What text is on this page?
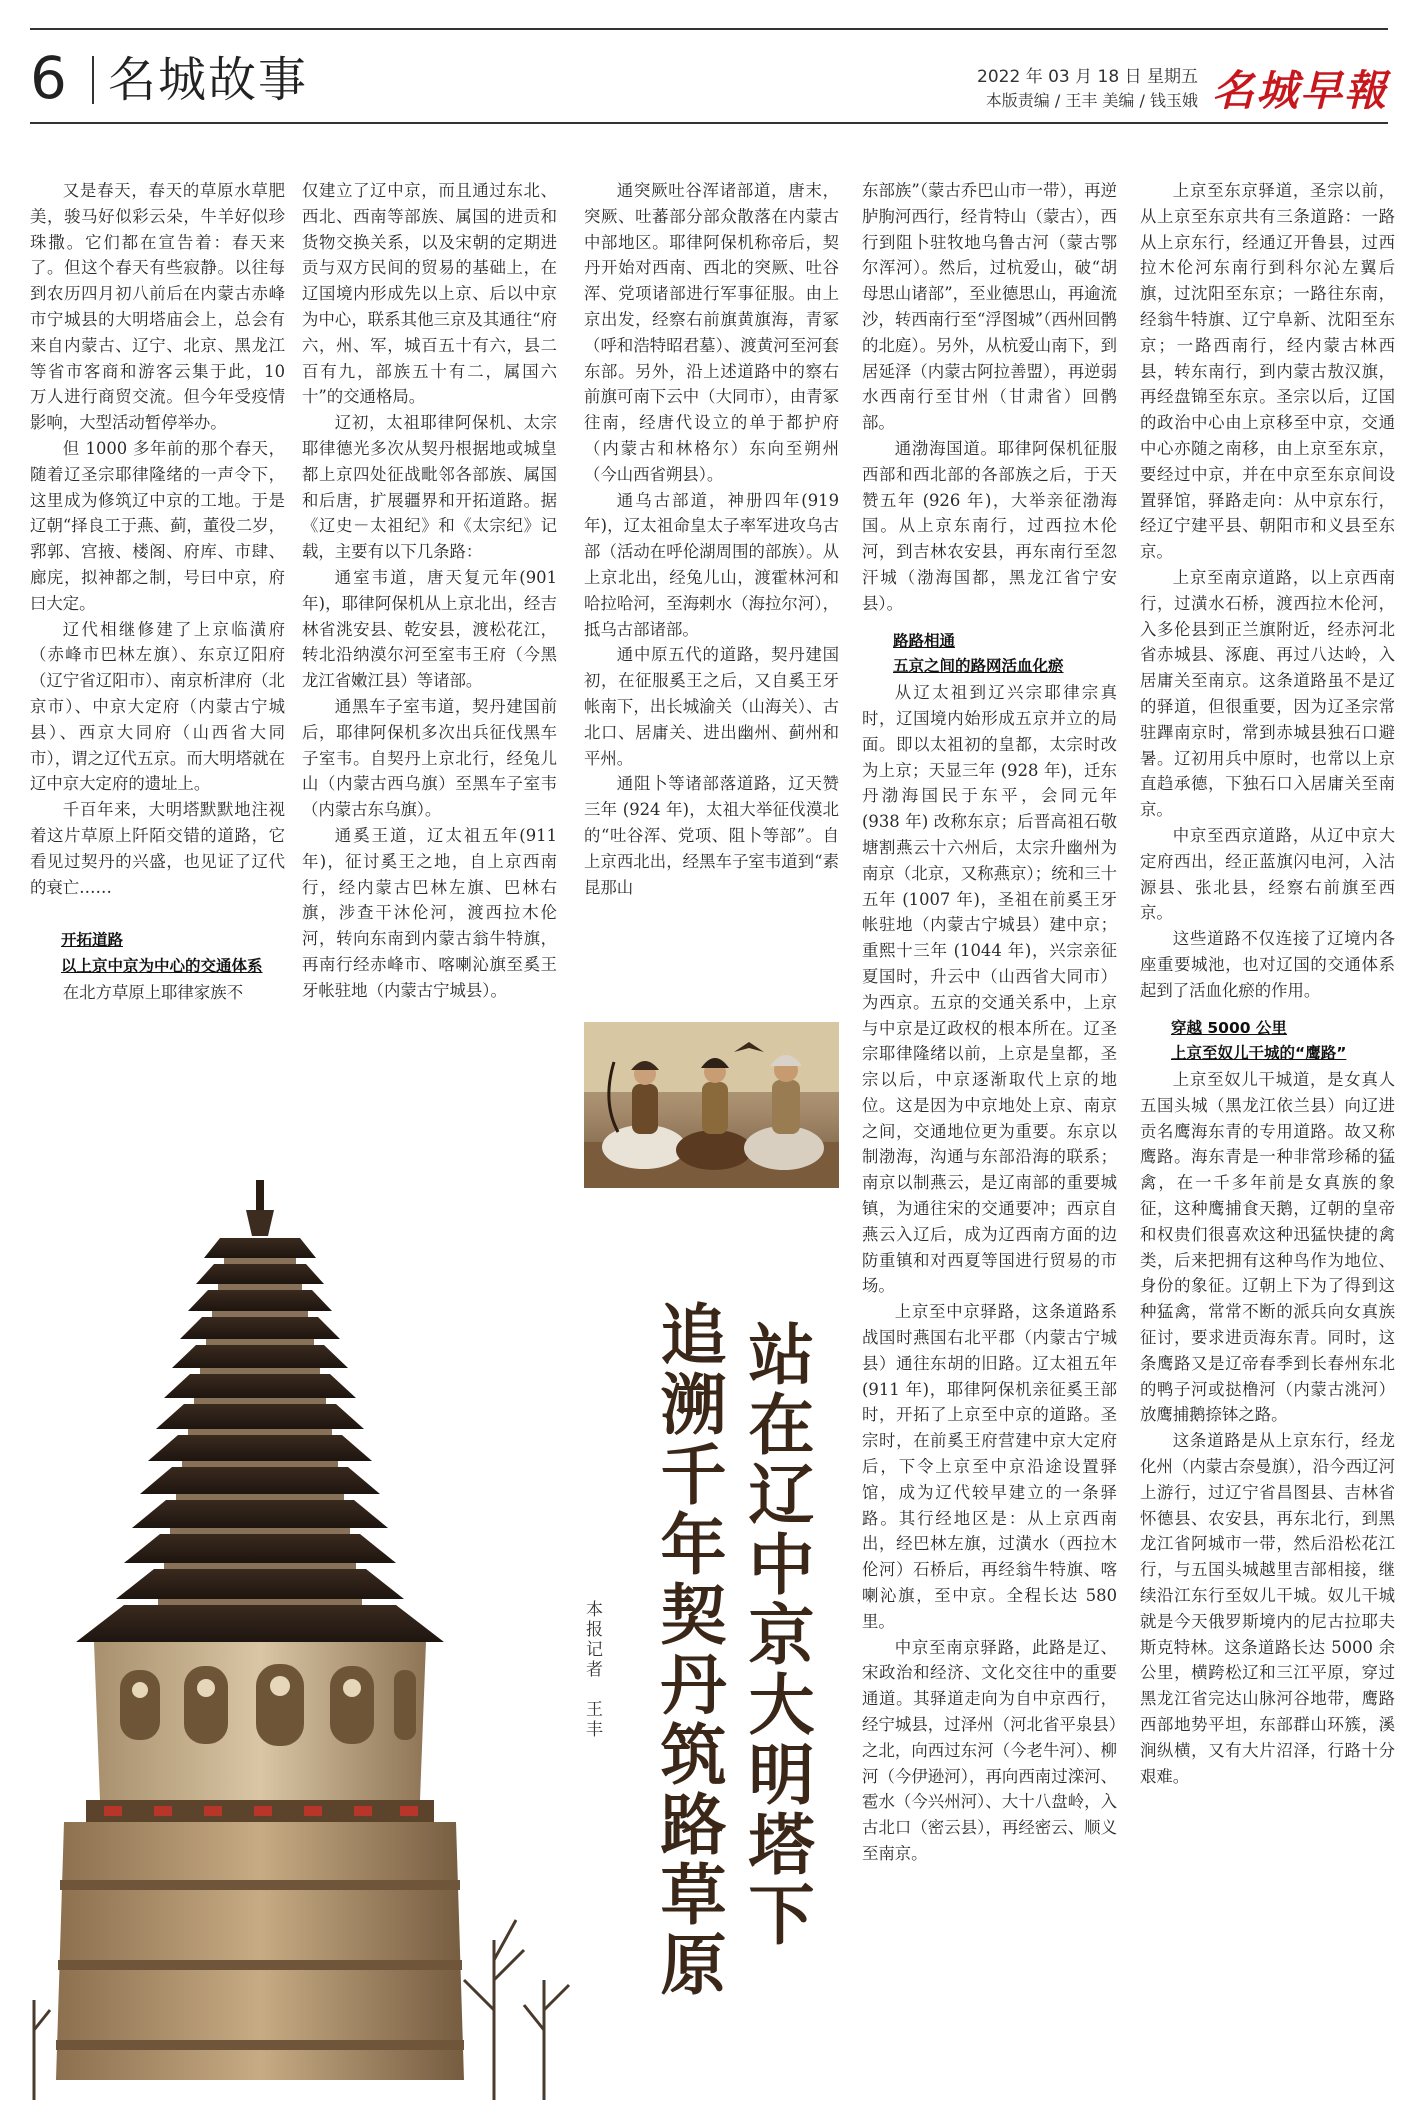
6 名城故事	2022 年 03 月 18 日 星期五
本版责编 / 王丰 美编 / 钱玉娥 名城早報

又是春天，春天的草原水草肥美，骏马好似彩云朵，牛羊好似珍珠撒。它们都在宣告着：春天来了。但这个春天有些寂静。以往每到农历四月初八前后在内蒙古赤峰市宁城县的大明塔庙会上，总会有来自内蒙古、辽宁、北京、黑龙江等省市客商和游客云集于此，10 万人进行商贸交流。但今年受疫情影响，大型活动暂停举办。

但 1000 多年前的那个春天，随着辽圣宗耶律隆绪的一声令下，这里成为修筑辽中京的工地。于是辽朝“择良工于燕、蓟，董役二岁，郛郭、宫掖、楼阁、府库、市肆、廊庑，拟神都之制，号曰中京，府曰大定。

辽代相继修建了上京临潢府（赤峰市巴林左旗）、东京辽阳府（辽宁省辽阳市）、南京析津府（北京市）、中京大定府（内蒙古宁城县）、西京大同府（山西省大同市），谓之辽代五京。而大明塔就在辽中京大定府的遗址上。

千百年来，大明塔默默地注视着这片草原上阡陌交错的道路，它看见过契丹的兴盛，也见证了辽代的衰亡……

开拓道路
以上京中京为中心的交通体系

在北方草原上耶律家族不

仅建立了辽中京，而且通过东北、西北、西南等部族、属国的进贡和货物交换关系，以及宋朝的定期进贡与双方民间的贸易的基础上，在辽国境内形成先以上京、后以中京为中心，联系其他三京及其通往“府六，州、军，城百五十有六，县二百有九，部族五十有二，属国六十”的交通格局。

辽初，太祖耶律阿保机、太宗耶律德光多次从契丹根据地或城皇都上京四处征战毗邻各部族、属国和后唐，扩展疆界和开拓道路。据《辽史－太祖纪》和《太宗纪》记载，主要有以下几条路：

通室韦道，唐天复元年(901 年)，耶律阿保机从上京北出，经吉林省洮安县、乾安县，渡松花江，转北沿纳漠尔河至室韦王府（今黑龙江省嫩江县）等诸部。

通黑车子室韦道，契丹建国前后，耶律阿保机多次出兵征伐黑车子室韦。自契丹上京北行，经兔儿山（内蒙古西乌旗）至黑车子室韦（内蒙古东乌旗）。

通奚王道，辽太祖五年(911 年)，征讨奚王之地，自上京西南行，经内蒙古巴林左旗、巴林右旗，涉查干沐伦河，渡西拉木伦河，转向东南到内蒙古翁牛特旗，再南行经赤峰市、喀喇沁旗至奚王牙帐驻地（内蒙古宁城县）。

通突厥吐谷浑诸部道，唐末，突厥、吐蕃部分部众散落在内蒙古中部地区。耶律阿保机称帝后，契丹开始对西南、西北的突厥、吐谷浑、党项诸部进行军事征服。由上京出发，经察右前旗黄旗海，青冢（呼和浩特昭君墓）、渡黄河至河套东部。另外，沿上述道路中的察右前旗可南下云中（大同市），由青冢往南，经唐代设立的单于都护府（内蒙古和林格尔）东向至朔州（今山西省朔县）。

通乌古部道，神册四年(919 年)，辽太祖命皇太子率军进攻乌古部（活动在呼伦湖周围的部族）。从上京北出，经兔儿山，渡霍林河和哈拉哈河，至海剌水（海拉尔河），抵乌古部诸部。

通中原五代的道路，契丹建国初，在征服奚王之后，又自奚王牙帐南下，出长城渝关（山海关）、古北口、居庸关、进出幽州、蓟州和平州。

通阻卜等诸部落道路，辽天赞三年 (924 年)，太祖大举征伐漠北的“吐谷浑、党项、阻卜等部”。自上京西北出，经黑车子室韦道到“素昆那山

东部族”（蒙古乔巴山市一带），再逆胪朐河西行，经肯特山（蒙古），西行到阻卜驻牧地乌鲁古河（蒙古鄂尔浑河）。然后，过杭爱山，破“胡母思山诸部”，至业德思山，再逾流沙，转西南行至“浮图城”（西州回鹘的北庭）。另外，从杭爱山南下，到居延泽（内蒙古阿拉善盟），再逆弱水西南行至甘州（甘肃省）回鹘部。

通渤海国道。耶律阿保机征服西部和西北部的各部族之后，于天赞五年 (926 年)，大举亲征渤海国。从上京东南行，过西拉木伦河，到吉林农安县，再东南行至忽汗城（渤海国都，黑龙江省宁安县）。

路路相通
五京之间的路网活血化瘀

从辽太祖到辽兴宗耶律宗真时，辽国境内始形成五京并立的局面。即以太祖初的皇都，太宗时改为上京；天显三年 (928 年)，迁东丹渤海国民于东平，会同元年 (938 年) 改称东京；后晋高祖石敬塘割燕云十六州后，太宗升幽州为南京（北京，又称燕京）；统和三十五年 (1007 年)，圣祖在前奚王牙帐驻地（内蒙古宁城县）建中京；重熙十三年 (1044 年)，兴宗亲征夏国时，升云中（山西省大同市）为西京。五京的交通关系中，上京与中京是辽政权的根本所在。辽圣宗耶律隆绪以前，上京是皇都，圣宗以后，中京逐渐取代上京的地位。这是因为中京地处上京、南京之间，交通地位更为重要。东京以制渤海，沟通与东部沿海的联系；南京以制燕云，是辽南部的重要城镇，为通往宋的交通要冲；西京自燕云入辽后，成为辽西南方面的边防重镇和对西夏等国进行贸易的市场。

上京至中京驿路，这条道路系战国时燕国右北平郡（内蒙古宁城县）通往东胡的旧路。辽太祖五年 (911 年)，耶律阿保机亲征奚王部时，开拓了上京至中京的道路。圣宗时，在前奚王府营建中京大定府后，下令上京至中京沿途设置驿馆，成为辽代较早建立的一条驿路。其行经地区是：从上京西南出，经巴林左旗，过潢水（西拉木伦河）石桥后，再经翁牛特旗、喀喇沁旗，至中京。全程长达 580 里。

中京至南京驿路，此路是辽、宋政治和经济、文化交往中的重要通道。其驿道走向为自中京西行，经宁城县，过泽州（河北省平泉县）之北，向西过东河（今老牛河）、柳河（今伊逊河），再向西南过滦河、雹水（今兴州河）、大十八盘岭，入古北口（密云县），再经密云、顺义至南京。

上京至东京驿道，圣宗以前，从上京至东京共有三条道路：一路从上京东行，经通辽开鲁县，过西拉木伦河东南行到科尔沁左翼后旗，过沈阳至东京；一路往东南，经翁牛特旗、辽宁阜新、沈阳至东京；一路西南行，经内蒙古林西县，转东南行，到内蒙古敖汉旗，再经盘锦至东京。圣宗以后，辽国的政治中心由上京移至中京，交通中心亦随之南移，由上京至东京，要经过中京，并在中京至东京间设置驿馆，驿路走向：从中京东行，经辽宁建平县、朝阳市和义县至东京。

上京至南京道路，以上京西南行，过潢水石桥，渡西拉木伦河，入多伦县到正兰旗附近，经赤河北省赤城县、涿鹿、再过八达岭，入居庸关至南京。这条道路虽不是辽的驿道，但很重要，因为辽圣宗常驻蹕南京时，常到赤城县独石口避暑。辽初用兵中原时，也常以上京直趋承德，下独石口入居庸关至南京。

中京至西京道路，从辽中京大定府西出，经正蓝旗闪电河，入沽源县、张北县，经察右前旗至西京。

这些道路不仅连接了辽境内各座重要城池，也对辽国的交通体系起到了活血化瘀的作用。

穿越 5000 公里
上京至奴儿干城的“鹰路”

上京至奴儿干城道，是女真人五国头城（黑龙江依兰县）向辽进贡名鹰海东青的专用道路。故又称鹰路。海东青是一种非常珍稀的猛禽，在一千多年前是女真族的象征，这种鹰捕食天鹅，辽朝的皇帝和权贵们很喜欢这种迅猛快捷的禽类，后来把拥有这种鸟作为地位、身份的象征。辽朝上下为了得到这种猛禽，常常不断的派兵向女真族征讨，要求进贡海东青。同时，这条鹰路又是辽帝春季到长春州东北的鸭子河或挞橹河（内蒙古洮河）放鹰捕鹅捺钵之路。

这条道路是从上京东行，经龙化州（内蒙古奈曼旗），沿今西辽河上游行，过辽宁省昌图县、吉林省怀德县、农安县，再东北行，到黑龙江省阿城市一带，然后沿松花江行，与五国头城越里吉部相接，继续沿江东行至奴儿干城。奴儿干城就是今天俄罗斯境内的尼古拉耶夫斯克特林。这条道路长达 5000 余公里，横跨松辽和三江平原，穿过黑龙江省完达山脉河谷地带，鹰路西部地势平坦，东部群山环簇，溪涧纵横，又有大片沼泽，行路十分艰难。

站在辽中京大明塔下
追溯千年契丹筑路草原
本报记者　王丰
